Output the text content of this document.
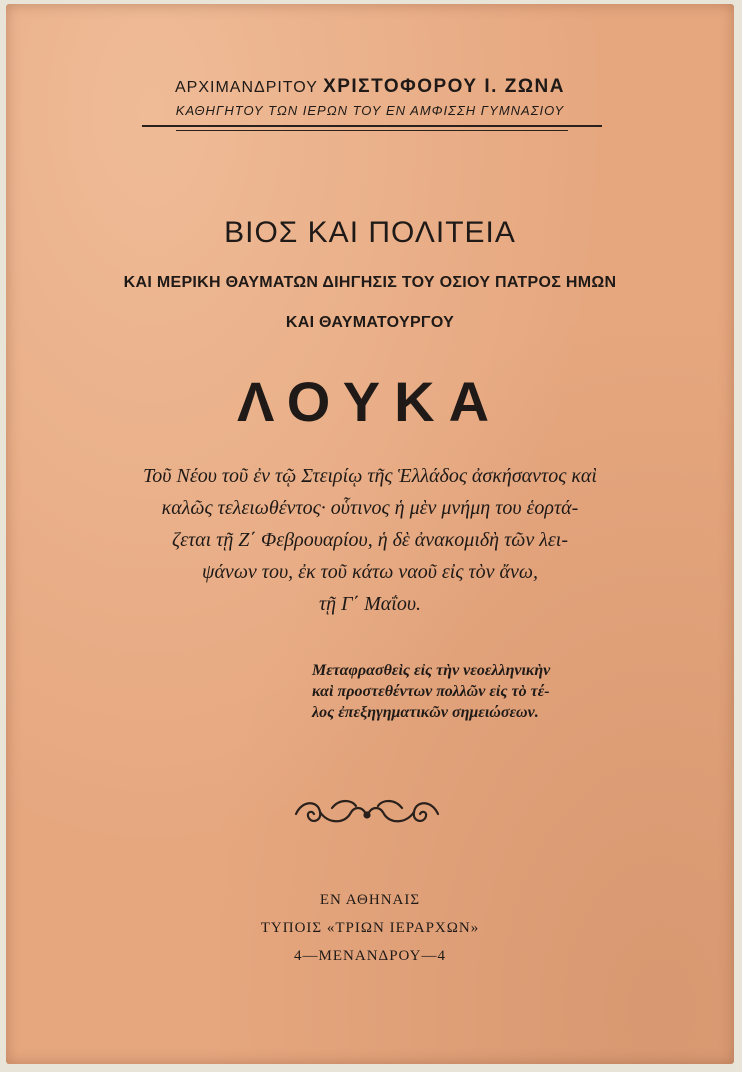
ΑΡΧΙΜΑΝΔΡΙΤΟΥ ΧΡΙΣΤΟΦΟΡΟΥ Ι. ΖΩΝΑ
ΚΑΘΗΓΗΤΟΥ ΤΩΝ ΙΕΡΩΝ ΤΟΥ ΕΝ ΑΜΦΙΣΣΗ ΓΥΜΝΑΣΙΟΥ
ΒΙΟΣ ΚΑΙ ΠΟΛΙΤΕΙΑ
ΚΑΙ ΜΕΡΙΚΗ ΘΑΥΜΑΤΩΝ ΔΙΗΓΗΣΙΣ ΤΟΥ ΟΣΙΟΥ ΠΑΤΡΟΣ ΗΜΩΝ
ΚΑΙ ΘΑΥΜΑΤΟΥΡΓΟΥ
ΛΟΥΚΑ
Τοῦ Νέου τοῦ ἐν τῷ Στειρίῳ τῆς Ἑλλάδος ἀσκήσαντος καὶ
καλῶς τελειωθέντος· οὗτινος ἡ μὲν μνήμη του ἑορτά-
ζεται τῇ Ζ΄ Φεβρουαρίου, ἡ δὲ ἀνακομιδὴ τῶν λει-
ψάνων του, ἐκ τοῦ κάτω ναοῦ εἰς τὸν ἄνω,
τῇ Γ΄ Μαΐου.
Μεταφρασθεὶς εἰς τὴν νεοελληνικὴν
καὶ προστεθέντων πολλῶν εἰς τὸ τέ-
λος ἐπεξηγηματικῶν σημειώσεων.
ΕΝ ΑΘΗΝΑΙΣ
ΤΥΠΟΙΣ «ΤΡΙΩΝ ΙΕΡΑΡΧΩΝ»
4—ΜΕΝΑΝΔΡΟΥ—4
